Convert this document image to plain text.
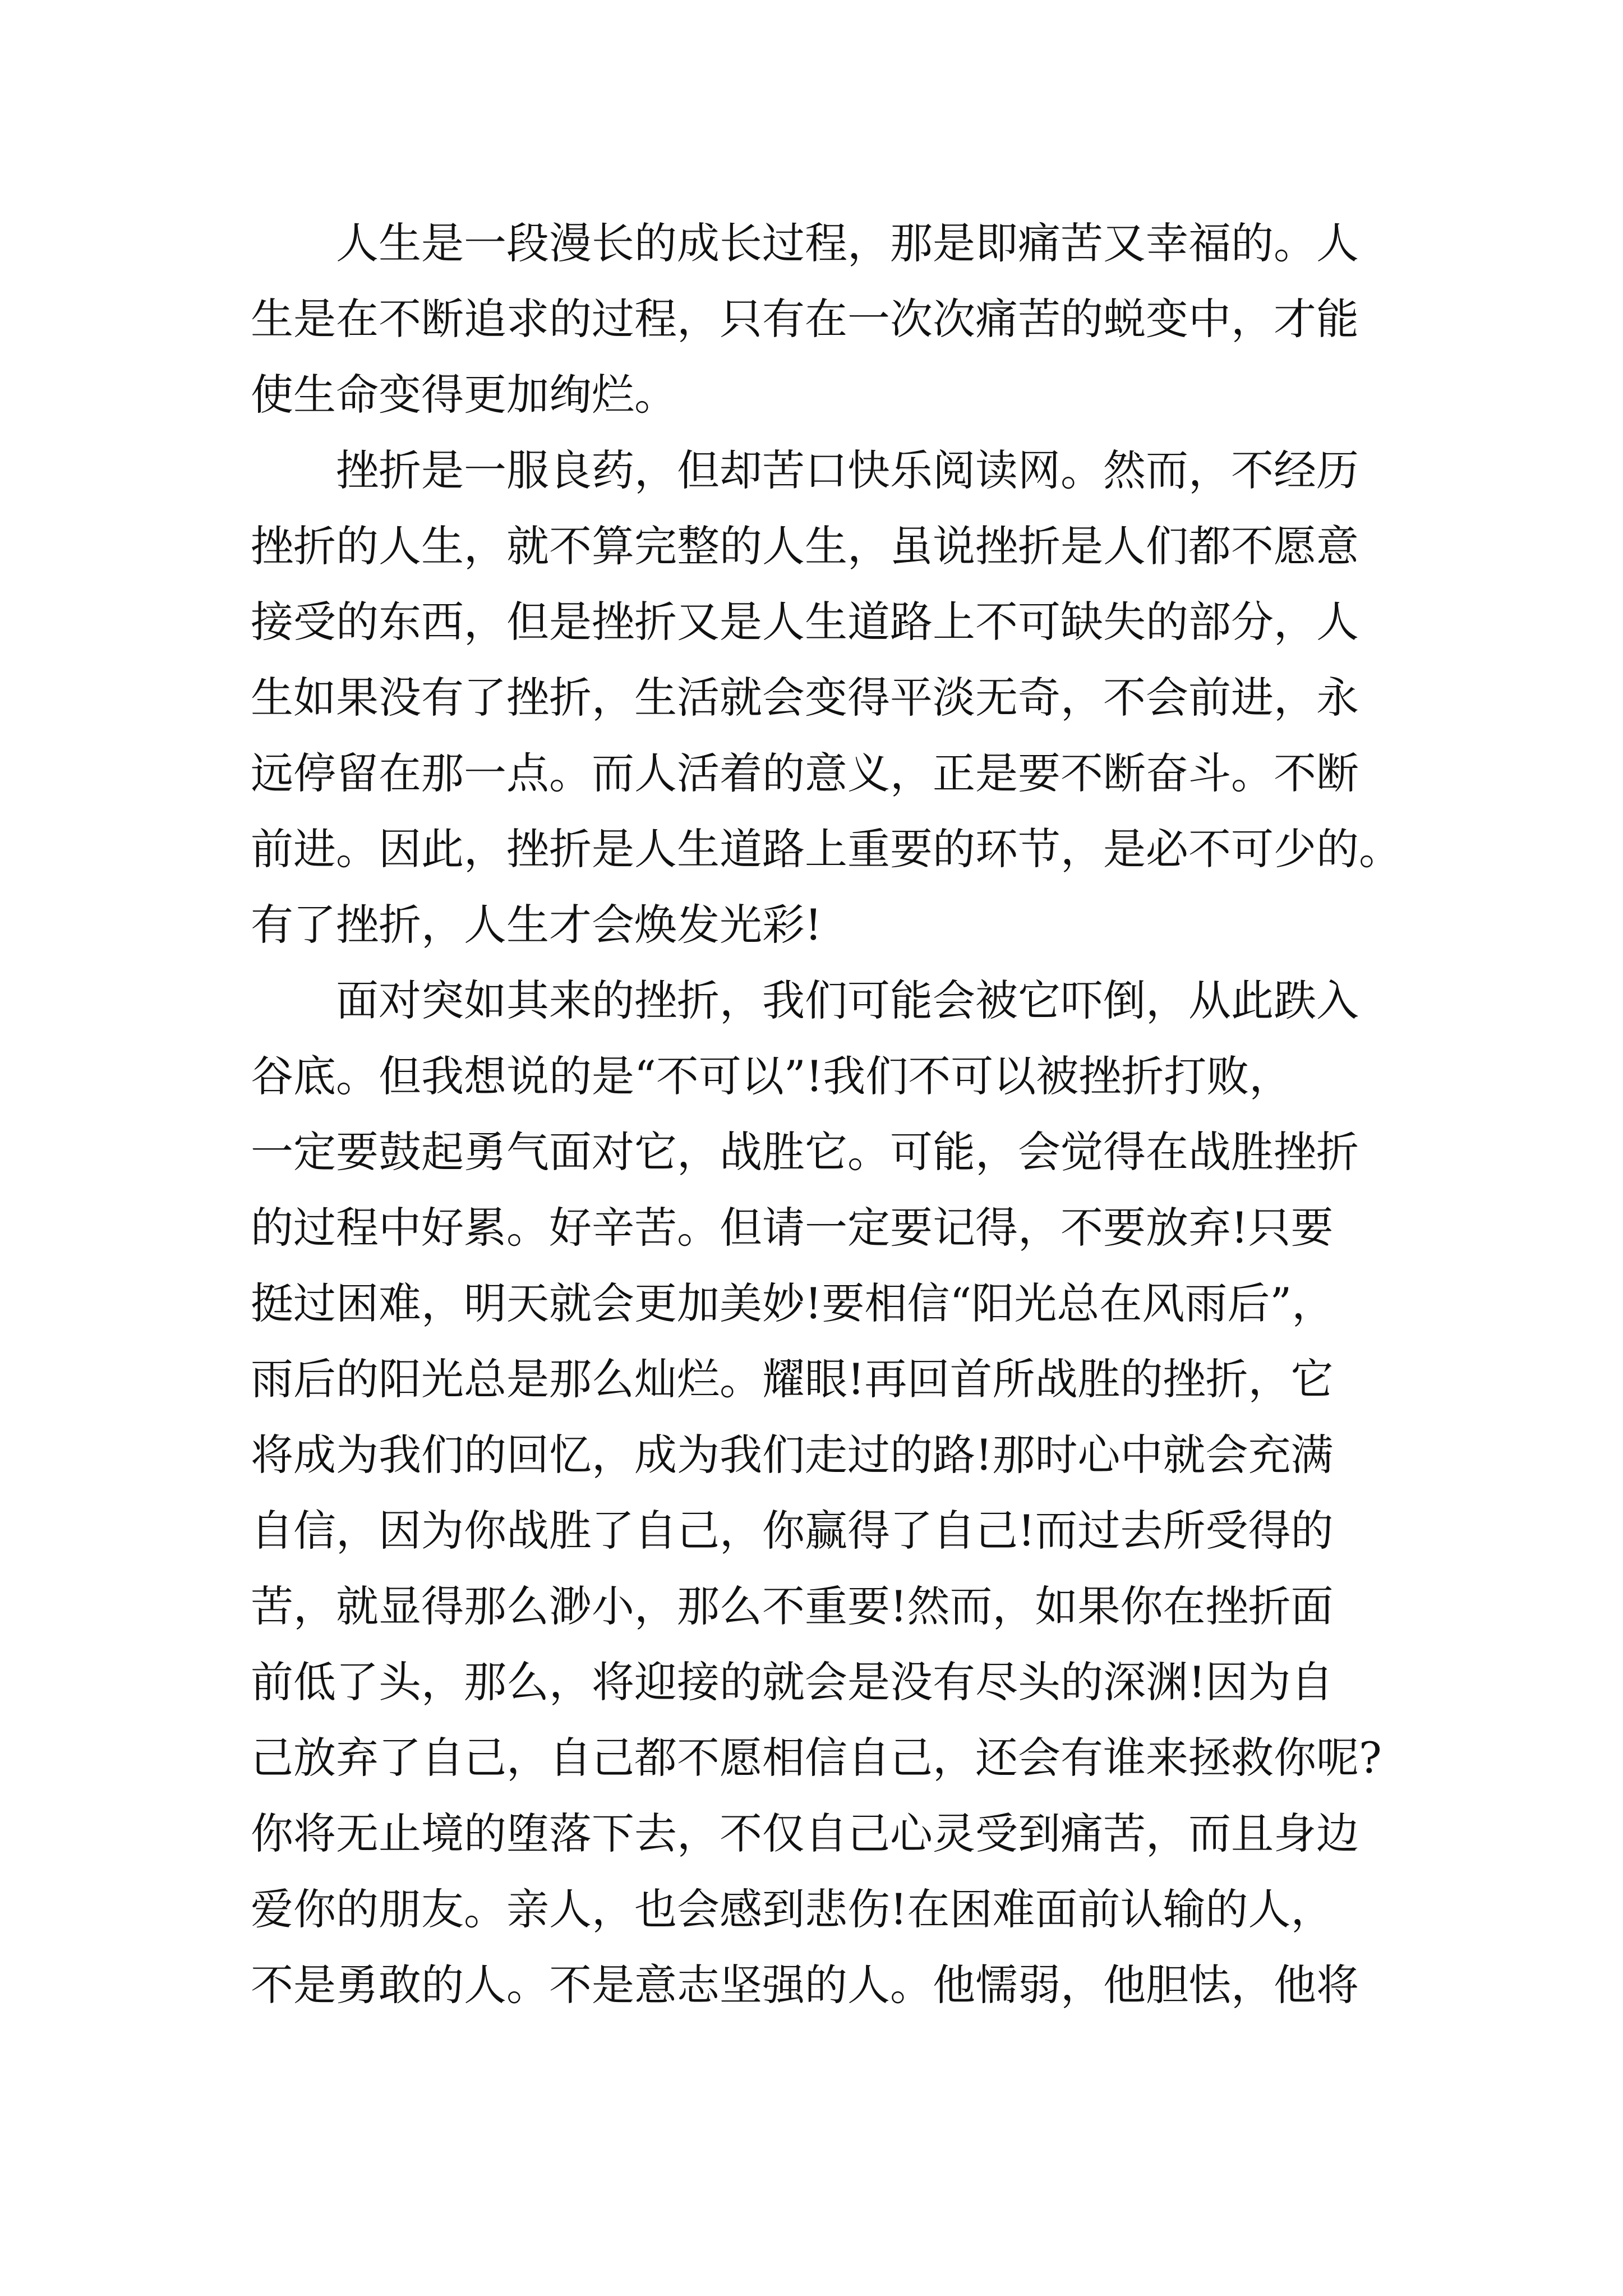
人生是一段漫长的成长过程，那是即痛苦又幸福的。人
生是在不断追求的过程，只有在一次次痛苦的蜕变中，才能
使生命变得更加绚烂。

挫折是一服良药，但却苦口快乐阅读网。然而，不经历
挫折的人生，就不算完整的人生，虽说挫折是人们都不愿意
接受的东西，但是挫折又是人生道路上不可缺失的部分，人
生如果没有了挫折，生活就会变得平淡无奇，不会前进，永
远停留在那一点。而人活着的意义，正是要不断奋斗。不断
前进。因此，挫折是人生道路上重要的环节，是必不可少的。
有了挫折，人生才会焕发光彩!

面对突如其来的挫折，我们可能会被它吓倒，从此跌入
谷底。但我想说的是“不可以”!我们不可以被挫折打败，
一定要鼓起勇气面对它，战胜它。可能，会觉得在战胜挫折
的过程中好累。好辛苦。但请一定要记得，不要放弃!只要
挺过困难，明天就会更加美妙!要相信“阳光总在风雨后”，
雨后的阳光总是那么灿烂。耀眼!再回首所战胜的挫折，它
将成为我们的回忆，成为我们走过的路!那时心中就会充满
自信，因为你战胜了自己，你赢得了自己!而过去所受得的
苦，就显得那么渺小，那么不重要!然而，如果你在挫折面
前低了头，那么，将迎接的就会是没有尽头的深渊!因为自
己放弃了自己，自己都不愿相信自己，还会有谁来拯救你呢?
你将无止境的堕落下去，不仅自己心灵受到痛苦，而且身边
爱你的朋友。亲人，也会感到悲伤!在困难面前认输的人，
不是勇敢的人。不是意志坚强的人。他懦弱，他胆怯，他将
